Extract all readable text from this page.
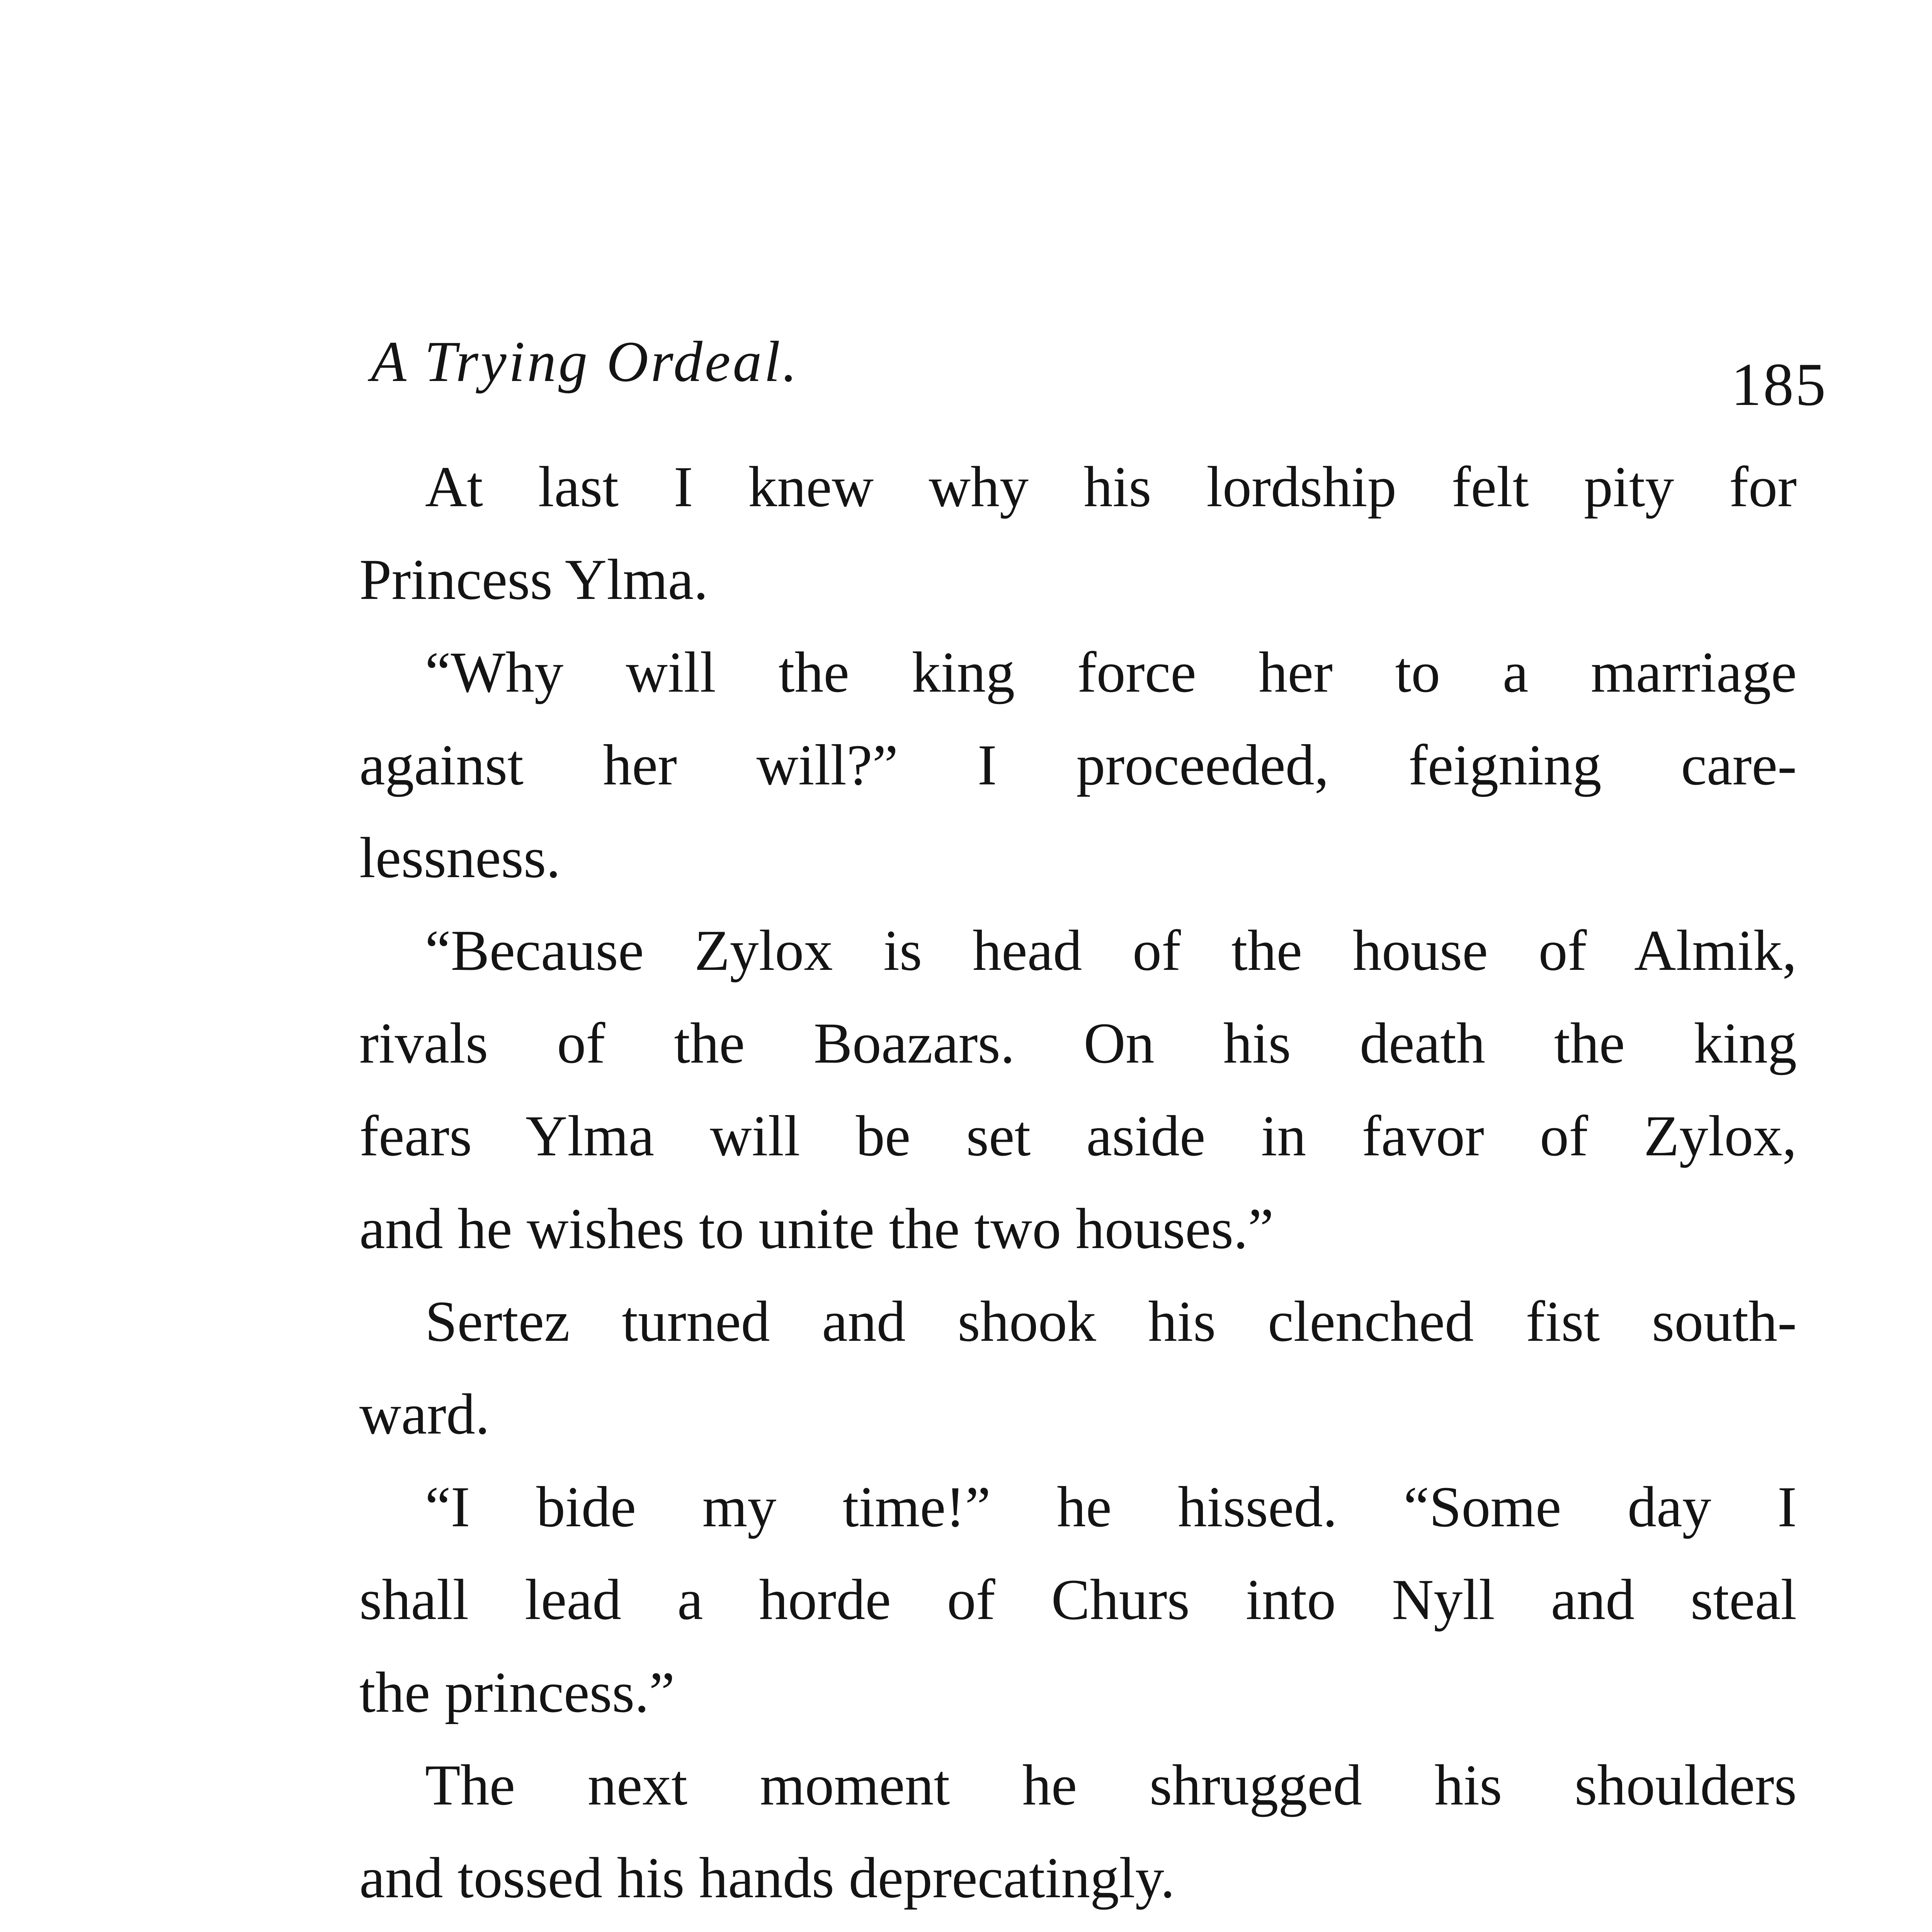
A Trying Ordeal.	185
At last I knew why his lordship felt pity for
Princess Ylma.
“Why will the king force her to a marriage
against her will?” I proceeded, feigning care-
lessness.
“Because Zylox is head of the house of Almik,
rivals of the Boazars. On his death the king
fears Ylma will be set aside in favor of Zylox,
and he wishes to unite the two houses.”
Sertez turned and shook his clenched fist south-
ward.
“I bide my time!” he hissed. “Some day I
shall lead a horde of Churs into Nyll and steal
the princess.”
The next moment he shrugged his shoulders
and tossed his hands deprecatingly.
